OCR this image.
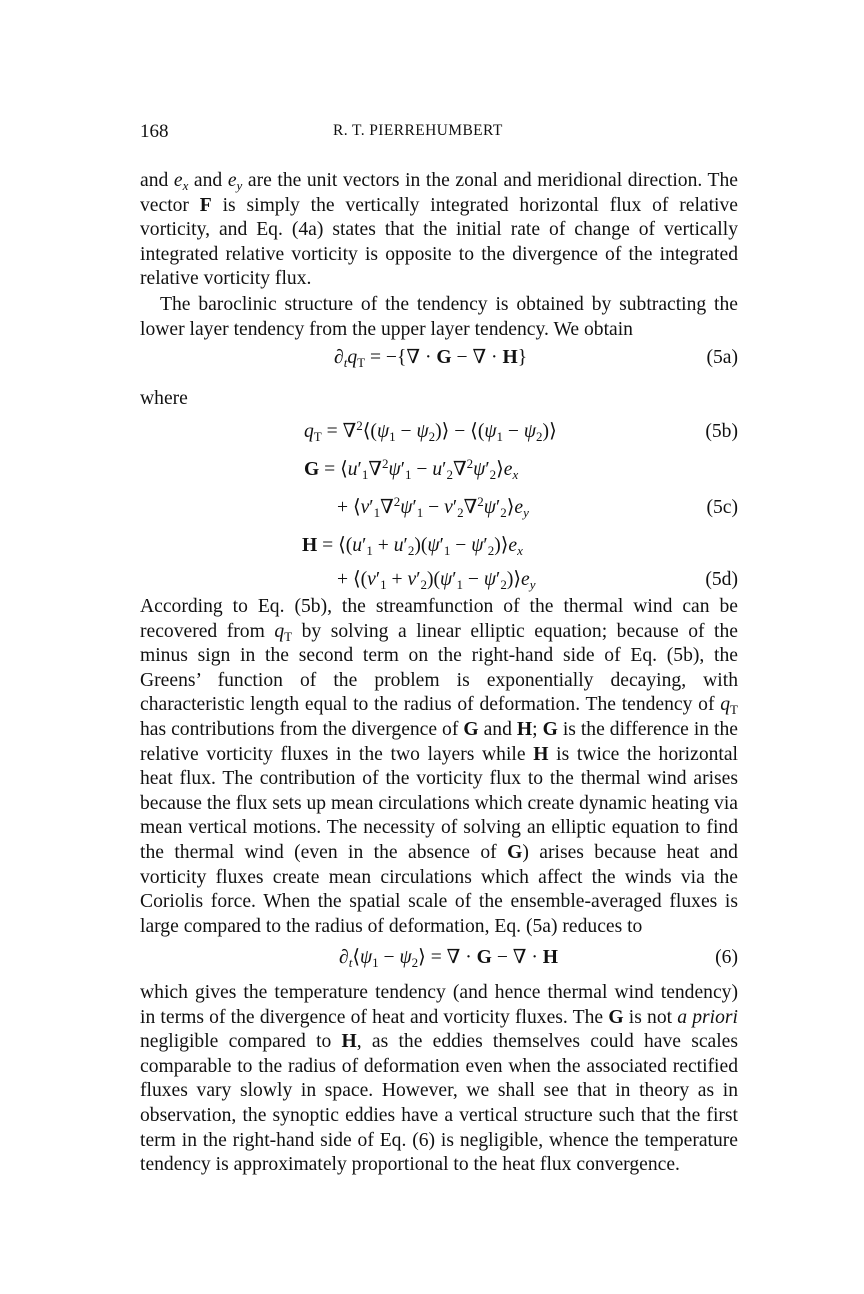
168	R. T. PIERREHUMBERT

and $e_x$ and $e_y$ are the unit vectors in the zonal and meridional direction. The vector F is simply the vertically integrated horizontal flux of relative vorticity, and Eq. (4a) states that the initial rate of change of vertically integrated relative vorticity is opposite to the divergence of the integrated relative vorticity flux.

The baroclinic structure of the tendency is obtained by subtracting the lower layer tendency from the upper layer tendency. We obtain

$\partial_tq_T$ = −{∇ · G − ∇ · H}	(5a)

where

$q_T$ = $\nabla^2⟨(\psi_1$ − $\psi_2)⟩$ − $⟨(\psi_1$ − $\psi_2)⟩$	(5b)
$G = ⟨u'_1\nabla^2\psi'_1$ − $u'_2\nabla^2\psi'_2⟩e_x$
+ $⟨v'_1\nabla^2\psi'_1$ − $v'_2\nabla^2\psi'_2⟩e_y$	(5c)
$H = ⟨(u'_1 + u'_2)(\psi'_1$ − $\psi'_2)⟩e_x$
+ $⟨(v'_1 + v'_2)(\psi'_1$ − $\psi'_2)⟩e_y$	(5d)

According to Eq. (5b), the streamfunction of the thermal wind can be recovered from $q_T$ by solving a linear elliptic equation; because of the minus sign in the second term on the right-hand side of Eq. (5b), the Greens’ function of the problem is exponentially decaying, with characteristic length equal to the radius of deformation. The tendency of $q_T$ has contributions from the divergence of G and H; G is the difference in the relative vorticity fluxes in the two layers while H is twice the horizontal heat flux. The contribution of the vorticity flux to the thermal wind arises because the flux sets up mean circulations which create dynamic heating via mean vertical motions. The necessity of solving an elliptic equation to find the thermal wind (even in the absence of G) arises because heat and vorticity fluxes create mean circulations which affect the winds via the Coriolis force. When the spatial scale of the ensemble-averaged fluxes is large compared to the radius of deformation, Eq. (5a) reduces to

$\partial_t⟨\psi_1$ − $\psi_2⟩$ = ∇ · G − ∇ · H	(6)

which gives the temperature tendency (and hence thermal wind tendency) in terms of the divergence of heat and vorticity fluxes. The G is not a priori negligible compared to H, as the eddies themselves could have scales comparable to the radius of deformation even when the associated rectified fluxes vary slowly in space. However, we shall see that in theory as in observation, the synoptic eddies have a vertical structure such that the first term in the right-hand side of Eq. (6) is negligible, whence the temperature tendency is approximately proportional to the heat flux convergence.
